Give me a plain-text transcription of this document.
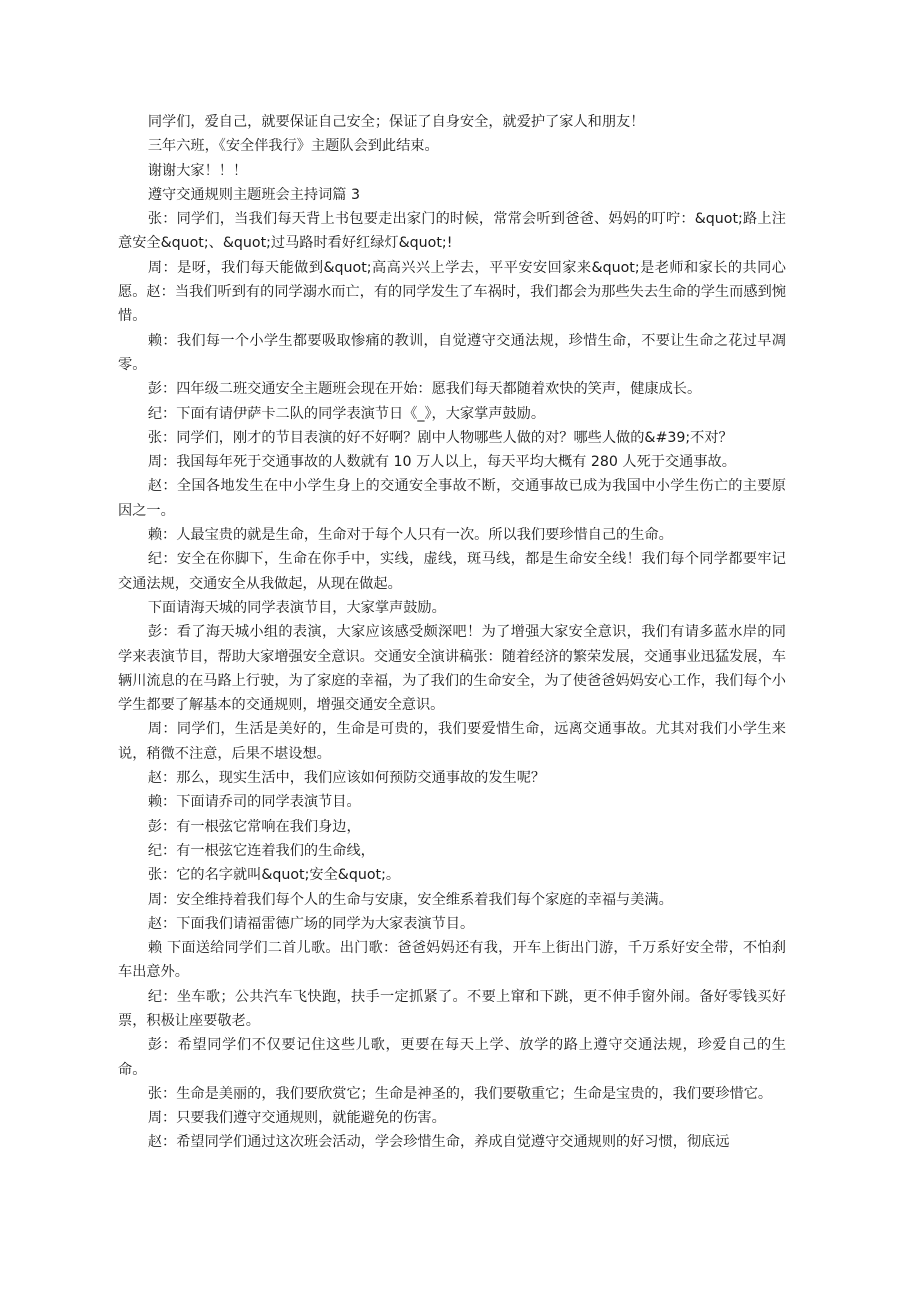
同学们，爱自己，就要保证自己安全；保证了自身安全，就爱护了家人和朋友！

三年六班，《安全伴我行》主题队会到此结束。

谢谢大家！！！

遵守交通规则主题班会主持词篇 3

张：同学们，当我们每天背上书包要走出家门的时候，常常会听到爸爸、妈妈的叮咛：&quot;路上注意安全&quot;、&quot;过马路时看好红绿灯&quot;!

周：是呀，我们每天能做到&quot;高高兴兴上学去，平平安安回家来&quot;是老师和家长的共同心愿。赵：当我们听到有的同学溺水而亡，有的同学发生了车祸时，我们都会为那些失去生命的学生而感到惋惜。

赖：我们每一个小学生都要吸取惨痛的教训，自觉遵守交通法规，珍惜生命，不要让生命之花过早凋零。

彭：四年级二班交通安全主题班会现在开始：愿我们每天都随着欢快的笑声，健康成长。

纪：下面有请伊萨卡二队的同学表演节日《_》，大家掌声鼓励。

张：同学们，刚才的节目表演的好不好啊？剧中人物哪些人做的对？哪些人做的&#39;不对？

周：我国每年死于交通事故的人数就有 10 万人以上，每天平均大概有 280 人死于交通事故。

赵：全国各地发生在中小学生身上的交通安全事故不断，交通事故已成为我国中小学生伤亡的主要原因之一。

赖：人最宝贵的就是生命，生命对于每个人只有一次。所以我们要珍惜自己的生命。

纪：安全在你脚下，生命在你手中，实线，虚线，斑马线，都是生命安全线！我们每个同学都要牢记交通法规，交通安全从我做起，从现在做起。

下面请海天城的同学表演节目，大家掌声鼓励。

彭：看了海天城小组的表演，大家应该感受颇深吧！为了增强大家安全意识，我们有请多蓝水岸的同学来表演节目，帮助大家增强安全意识。交通安全演讲稿张：随着经济的繁荣发展，交通事业迅猛发展，车辆川流息的在马路上行驶，为了家庭的幸福，为了我们的生命安全，为了使爸爸妈妈安心工作，我们每个小学生都要了解基本的交通规则，增强交通安全意识。

周：同学们，生活是美好的，生命是可贵的，我们要爱惜生命，远离交通事故。尤其对我们小学生来说，稍微不注意，后果不堪设想。

赵：那么，现实生活中，我们应该如何预防交通事故的发生呢？

赖：下面请乔司的同学表演节目。

彭：有一根弦它常响在我们身边，

纪：有一根弦它连着我们的生命线，

张：它的名字就叫&quot;安全&quot;。

周：安全维持着我们每个人的生命与安康，安全维系着我们每个家庭的幸福与美满。

赵：下面我们请福雷德广场的同学为大家表演节目。

赖 下面送给同学们二首儿歌。出门歌：爸爸妈妈还有我，开车上街出门游，千万系好安全带，不怕刹车出意外。

纪：坐车歌；公共汽车飞快跑，扶手一定抓紧了。不要上窜和下跳，更不伸手窗外闹。备好零钱买好票，积极让座要敬老。

彭：希望同学们不仅要记住这些儿歌，更要在每天上学、放学的路上遵守交通法规，珍爱自己的生命。

张：生命是美丽的，我们要欣赏它；生命是神圣的，我们要敬重它；生命是宝贵的，我们要珍惜它。

周：只要我们遵守交通规则，就能避免的伤害。

赵：希望同学们通过这次班会活动，学会珍惜生命，养成自觉遵守交通规则的好习惯，彻底远
